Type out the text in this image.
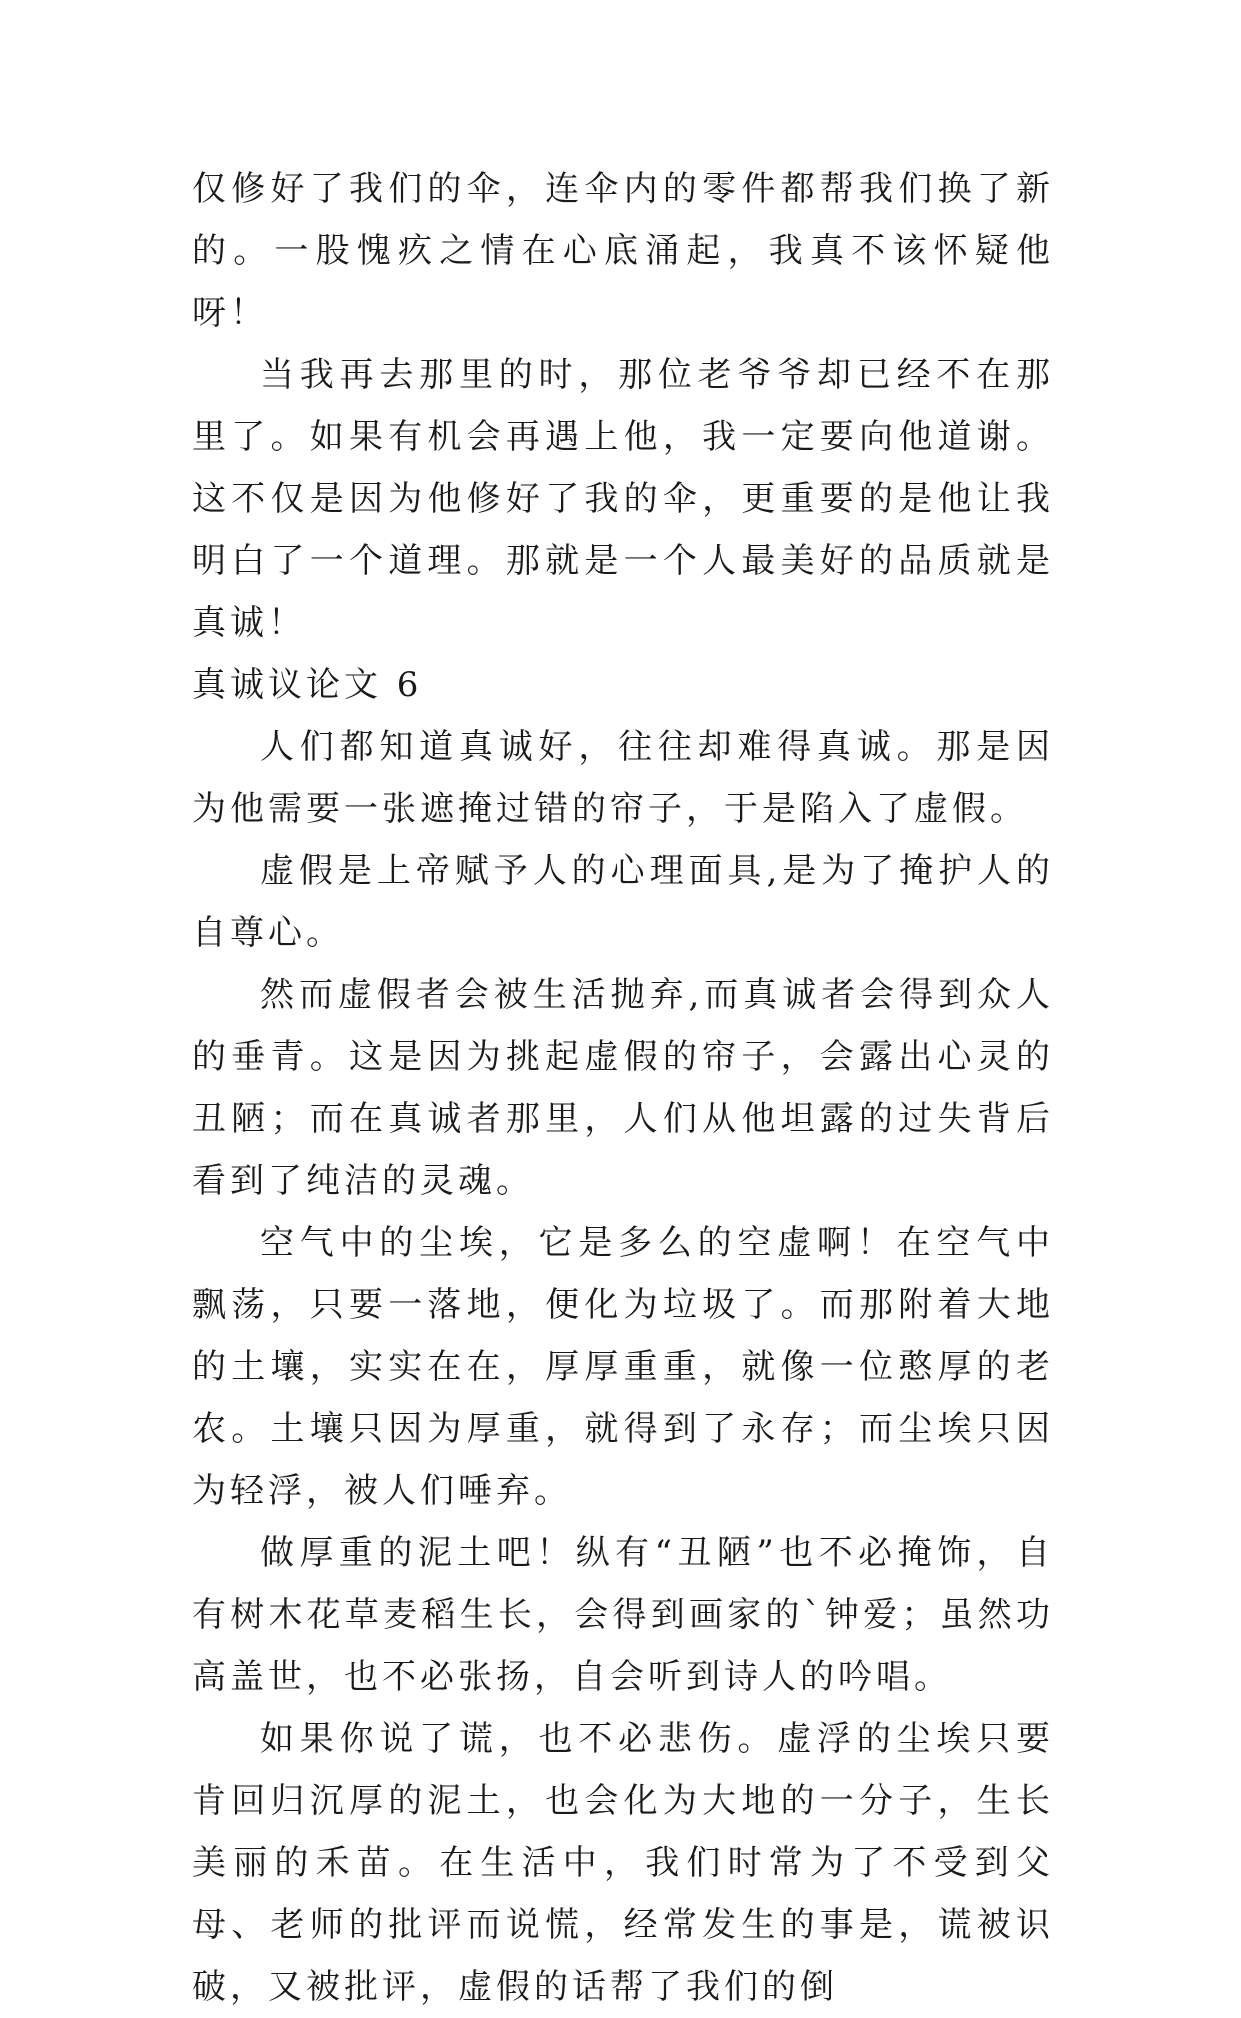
仅修好了我们的伞，连伞内的零件都帮我们换了新的。一股愧疚之情在心底涌起，我真不该怀疑他呀！

当我再去那里的时，那位老爷爷却已经不在那里了。如果有机会再遇上他，我一定要向他道谢。这不仅是因为他修好了我的伞，更重要的是他让我明白了一个道理。那就是一个人最美好的品质就是真诚！

真诚议论文 6

人们都知道真诚好，往往却难得真诚。那是因为他需要一张遮掩过错的帘子，于是陷入了虚假。

虚假是上帝赋予人的心理面具,是为了掩护人的自尊心。

然而虚假者会被生活抛弃,而真诚者会得到众人的垂青。这是因为挑起虚假的帘子，会露出心灵的丑陋；而在真诚者那里，人们从他坦露的过失背后看到了纯洁的灵魂。

空气中的尘埃，它是多么的空虚啊！在空气中飘荡，只要一落地，便化为垃圾了。而那附着大地的土壤，实实在在，厚厚重重，就像一位憨厚的老农。土壤只因为厚重，就得到了永存；而尘埃只因为轻浮，被人们唾弃。

做厚重的泥土吧！纵有“丑陋”也不必掩饰，自有树木花草麦稻生长，会得到画家的`钟爱；虽然功高盖世，也不必张扬，自会听到诗人的吟唱。

如果你说了谎，也不必悲伤。虚浮的尘埃只要肯回归沉厚的泥土，也会化为大地的一分子，生长美丽的禾苗。在生活中，我们时常为了不受到父母、老师的批评而说慌，经常发生的事是，谎被识破，又被批评，虚假的话帮了我们的倒
